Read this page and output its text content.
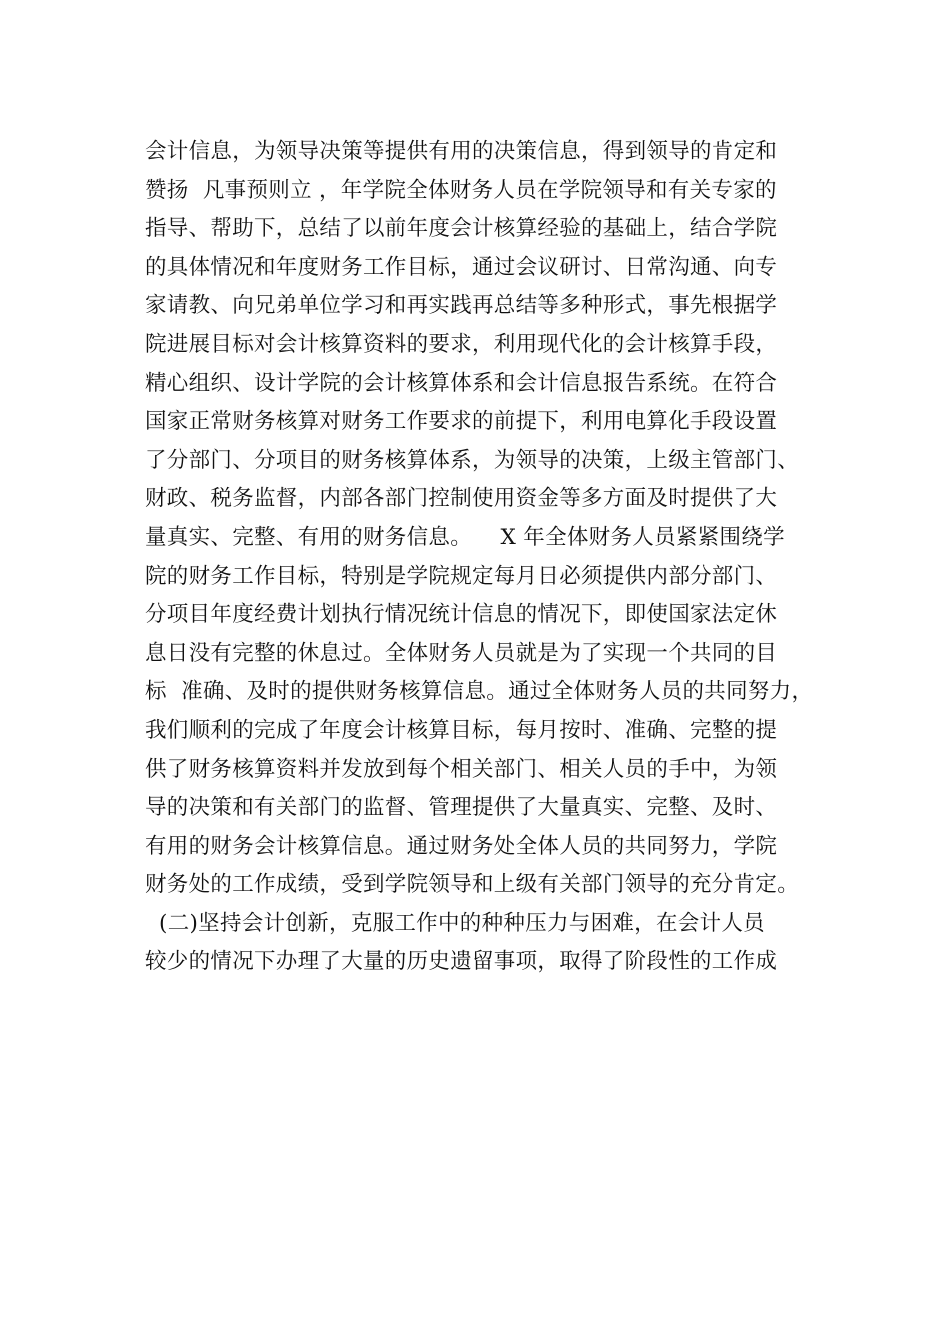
会计信息，为领导决策等提供有用的决策信息，得到领导的肯定和
赞扬  凡事预则立 ，年学院全体财务人员在学院领导和有关专家的
指导、帮助下，总结了以前年度会计核算经验的基础上，结合学院
的具体情况和年度财务工作目标，通过会议研讨、日常沟通、向专
家请教、向兄弟单位学习和再实践再总结等多种形式，事先根据学
院进展目标对会计核算资料的要求，利用现代化的会计核算手段，
精心组织、设计学院的会计核算体系和会计信息报告系统。在符合
国家正常财务核算对财务工作要求的前提下，利用电算化手段设置
了分部门、分项目的财务核算体系，为领导的决策，上级主管部门、
财政、税务监督，内部各部门控制使用资金等多方面及时提供了大
量真实、完整、有用的财务信息。    X 年全体财务人员紧紧围绕学
院的财务工作目标，特别是学院规定每月日必须提供内部分部门、
分项目年度经费计划执行情况统计信息的情况下，即使国家法定休
息日没有完整的休息过。全体财务人员就是为了实现一个共同的目
标  准确、及时的提供财务核算信息。通过全体财务人员的共同努力，
我们顺利的完成了年度会计核算目标，每月按时、准确、完整的提
供了财务核算资料并发放到每个相关部门、相关人员的手中，为领
导的决策和有关部门的监督、管理提供了大量真实、完整、及时、
有用的财务会计核算信息。通过财务处全体人员的共同努力，学院
财务处的工作成绩，受到学院领导和上级有关部门领导的充分肯定。
(二)坚持会计创新，克服工作中的种种压力与困难，在会计人员
较少的情况下办理了大量的历史遗留事项，取得了阶段性的工作成
